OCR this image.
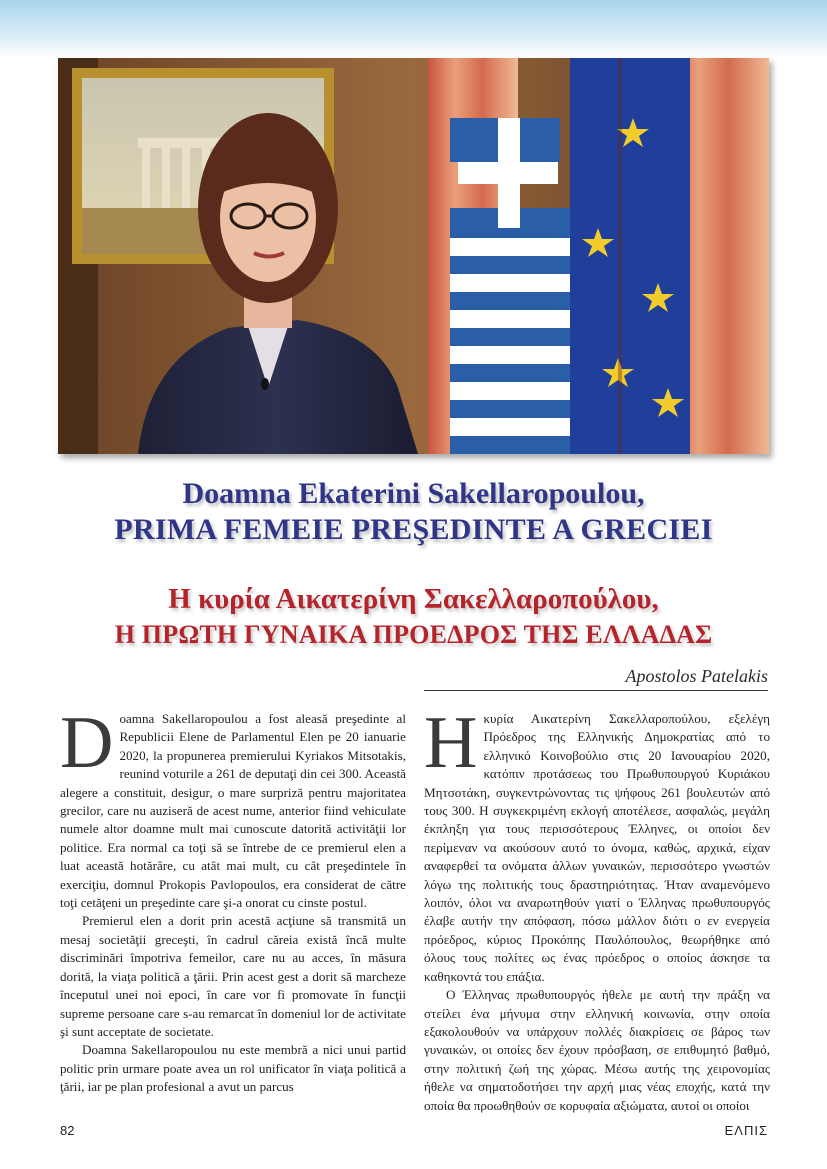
Doamna Ekaterini Sakellaropoulou,
PRIMA FEMEIE PREŞEDINTE A GRECIEI
Η κυρία Αικατερίνη Σακελλαροπούλου,
Η ΠΡΩΤΗ ΓΥΝΑΙΚΑ ΠΡΟΕΔΡΟΣ ΤΗΣ ΕΛΛΑΔΑΣ
Apostolos Patelakis
D oamna Sakellaropoulou a fost aleasă preşedinte al Republicii Elene de Parlamentul Elen pe 20 ianuarie 2020, la propunerea premierului Kyriakos Mitsotakis, reunind voturile a 261 de deputaţi din cei 300. Această alegere a constituit, desigur, o mare surpriză pentru majoritatea grecilor, care nu auziseră de acest nume, anterior fiind vehiculate numele altor doamne mult mai cunoscute datorită activităţii lor politice. Era normal ca toţi să se întrebe de ce premierul elen a luat această hotărâre, cu atât mai mult, cu cât preşedintele în exerciţiu, domnul Prokopis Pavlopoulos, era considerat de către toţi cetăţeni un preşedinte care şi-a onorat cu cinste postul.

Premierul elen a dorit prin acestă acţiune să transmită un mesaj societăţii greceşti, în cadrul căreia există încă multe discriminări împotriva femeilor, care nu au acces, în măsura dorită, la viaţa politică a ţării. Prin acest gest a dorit să marcheze începutul unei noi epoci, în care vor fi promovate în funcţii supreme persoane care s-au remarcat în domeniul lor de activitate şi sunt acceptate de societate.

Doamna Sakellaropoulou nu este membră a nici unui partid politic prin urmare poate avea un rol unificator în viaţa politică a ţării, iar pe plan profesional a avut un parcus

Η κυρία Αικατερίνη Σακελλαροπούλου, εξελέγη Πρόεδρος της Ελληνικής Δημοκρατίας από το ελληνικό Κοινοβούλιο στις 20 Ιανουαρίου 2020, κατόπιν προτάσεως του Πρωθυπουργού Κυριάκου Μητσοτάκη, συγκεντρώνοντας τις ψήφους 261 βουλευτών από τους 300. Η συγκεκριμένη εκλογή αποτέλεσε, ασφαλώς, μεγάλη έκπληξη για τους περισσότερους Έλληνες, οι οποίοι δεν περίμεναν να ακούσουν αυτό το όνομα, καθώς, αρχικά, είχαν αναφερθεί τα ονόματα άλλων γυναικών, περισσότερο γνωστών λόγω της πολιτικής τους δραστηριότητας. Ήταν αναμενόμενο λοιπόν, όλοι να αναρωτηθούν γιατί ο Έλληνας πρωθυπουργός έλαβε αυτήν την απόφαση, πόσω μάλλον διότι ο εν ενεργεία πρόεδρος, κύριος Προκόπης Παυλόπουλος, θεωρήθηκε από όλους τους πολίτες ως ένας πρόεδρος ο οποίος άσκησε τα καθηκοντά του επάξια.

Ο Έλληνας πρωθυπουργός ήθελε με αυτή την πράξη να στείλει ένα μήνυμα στην ελληνική κοινωνία, στην οποία εξακολουθούν να υπάρχουν πολλές διακρίσεις σε βάρος των γυναικών, οι οποίες δεν έχουν πρόσβαση, σε επιθυμητό βαθμό, στην πολιτική ζωή της χώρας. Μέσω αυτής της χειρονομίας ήθελε να σηματοδοτήσει την αρχή μιας νέας εποχής, κατά την οποία θα προωθηθούν σε κορυφαία αξιώματα, αυτοί οι οποίοι

82	ΕΛΠΙΣ
